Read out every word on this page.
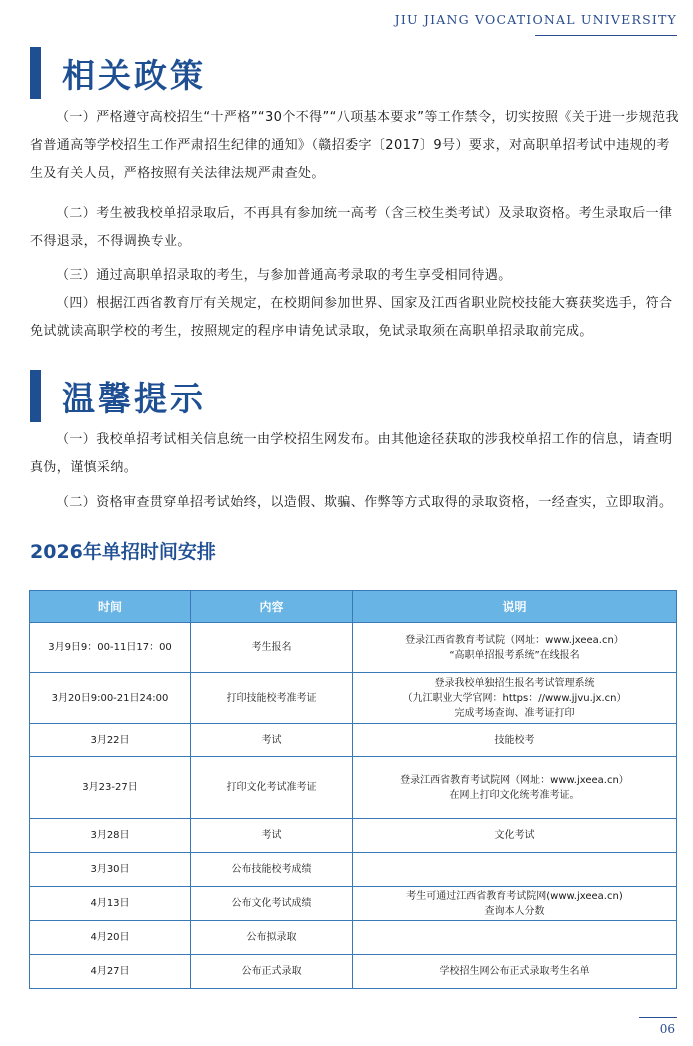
JIU JIANG VOCATIONAL UNIVERSITY
相关政策
（一）严格遵守高校招生“十严格”“30个不得”“八项基本要求”等工作禁令，切实按照《关于进一步规范我省普通高等学校招生工作严肃招生纪律的通知》（赣招委字〔2017〕9号）要求，对高职单招考试中违规的考生及有关人员，严格按照有关法律法规严肃查处。
（二）考生被我校单招录取后，不再具有参加统一高考（含三校生类考试）及录取资格。考生录取后一律不得退录，不得调换专业。
（三）通过高职单招录取的考生，与参加普通高考录取的考生享受相同待遇。
（四）根据江西省教育厅有关规定，在校期间参加世界、国家及江西省职业院校技能大赛获奖选手，符合免试就读高职学校的考生，按照规定的程序申请免试录取，免试录取须在高职单招录取前完成。
温馨提示
（一）我校单招考试相关信息统一由学校招生网发布。由其他途径获取的涉我校单招工作的信息，请查明真伪，谨慎采纳。
（二）资格审查贯穿单招考试始终，以造假、欺骗、作弊等方式取得的录取资格，一经查实，立即取消。
2026年单招时间安排
时间	内容	说明
3月9日9：00-11日17：00	考生报名	登录江西省教育考试院（网址：www.jxeea.cn）
“高职单招报考系统”在线报名

3月20日9:00-21日24:00	打印技能校考准考证	登录我校单独招生报名考试管理系统
（九江职业大学官网：https：//www.jjvu.jx.cn）
完成考场查询、准考证打印

3月22日	考试	技能校考

3月23-27日	打印文化考试准考证	登录江西省教育考试院网（网址：www.jxeea.cn）
在网上打印文化统考准考证。

3月28日	考试	文化考试

3月30日	公布技能校考成绩	
4月13日	公布文化考试成绩	考生可通过江西省教育考试院网(www.jxeea.cn)
查询本人分数

4月20日	公布拟录取	
4月27日	公布正式录取	学校招生网公布正式录取考生名单
06
